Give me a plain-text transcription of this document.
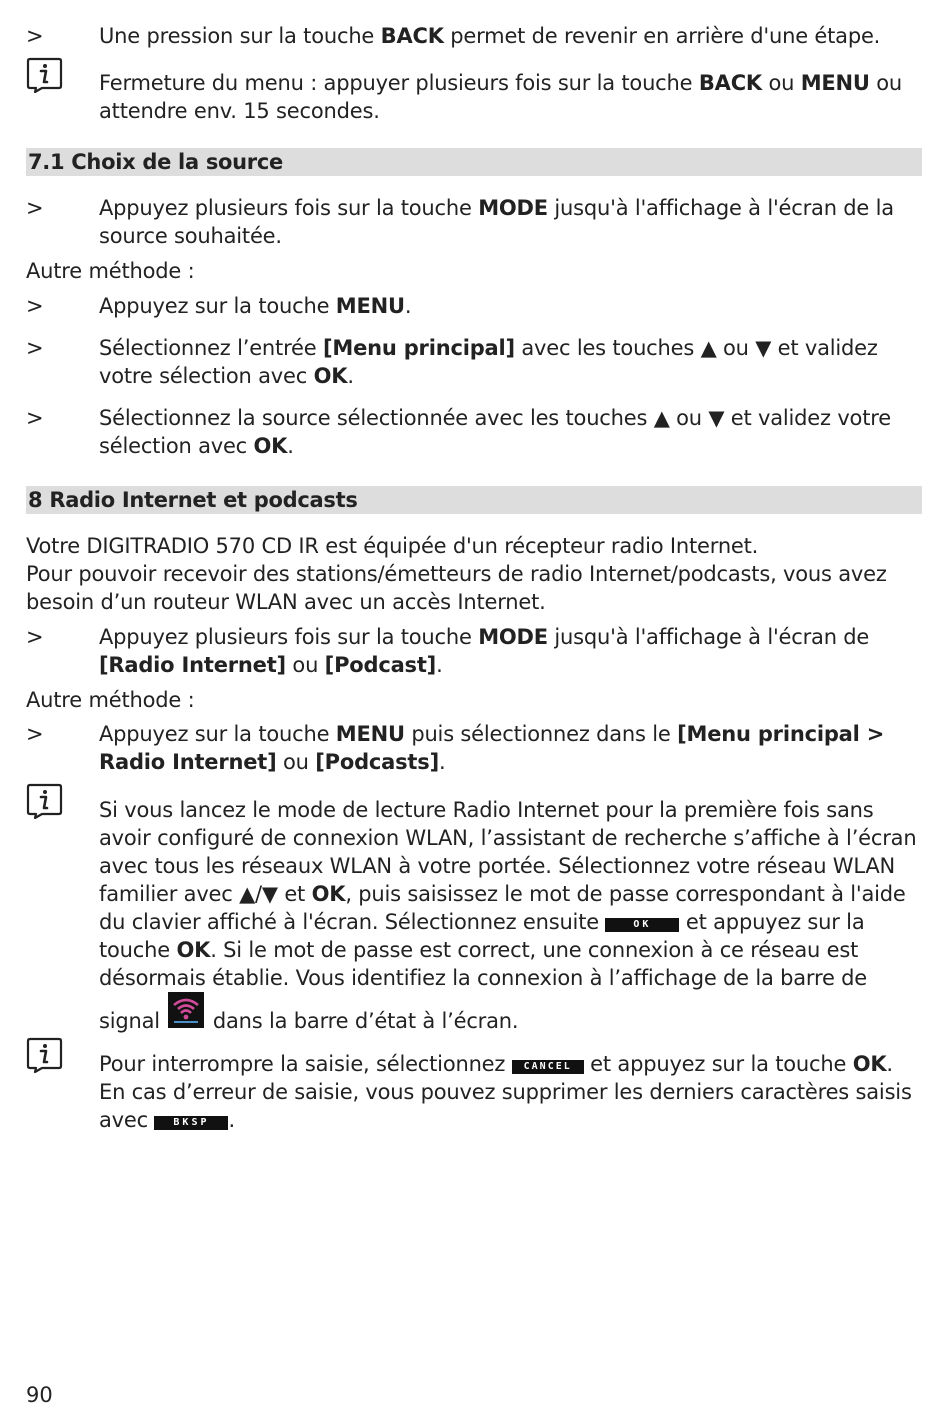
>	Une pression sur la touche BACK permet de revenir en arrière d'une étape.
Fermeture du menu : appuyer plusieurs fois sur la touche BACK ou MENU ou attendre env. 15 secondes.
7.1 Choix de la source
>	Appuyez plusieurs fois sur la touche MODE jusqu'à l'affichage à l'écran de la source souhaitée.
Autre méthode :
>	Appuyez sur la touche MENU.
>	Sélectionnez l’entrée [Menu principal] avec les touches ▲ ou ▼ et validez votre sélection avec OK.
>	Sélectionnez la source sélectionnée avec les touches ▲ ou ▼ et validez votre sélection avec OK.
8 Radio Internet et podcasts
Votre DIGITRADIO 570 CD IR est équipée d'un récepteur radio Internet.
Pour pouvoir recevoir des stations/émetteurs de radio Internet/podcasts, vous avez besoin d’un routeur WLAN avec un accès Internet.
>	Appuyez plusieurs fois sur la touche MODE jusqu'à l'affichage à l'écran de [Radio Internet] ou [Podcast].
Autre méthode :
>	Appuyez sur la touche MENU puis sélectionnez dans le [Menu principal > Radio Internet] ou [Podcasts].
Si vous lancez le mode de lecture Radio Internet pour la première fois sans avoir configuré de connexion WLAN, l’assistant de recherche s’affiche à l’écran avec tous les réseaux WLAN à votre portée. Sélectionnez votre réseau WLAN familier avec ▲/▼ et OK, puis saisissez le mot de passe correspondant à l'aide du clavier affiché à l'écran. Sélectionnez ensuite	OK et appuyez sur la touche OK. Si le mot de passe est correct, une connexion à ce réseau est désormais établie. Vous identifiez la connexion à l’affichage de la barre de signal
dans la barre d’état à l’écran.
Pour interrompre la saisie, sélectionnez CANCEL et appuyez sur la touche OK. En cas d’erreur de saisie, vous pouvez supprimer les derniers caractères saisis avec BKSP .
90
